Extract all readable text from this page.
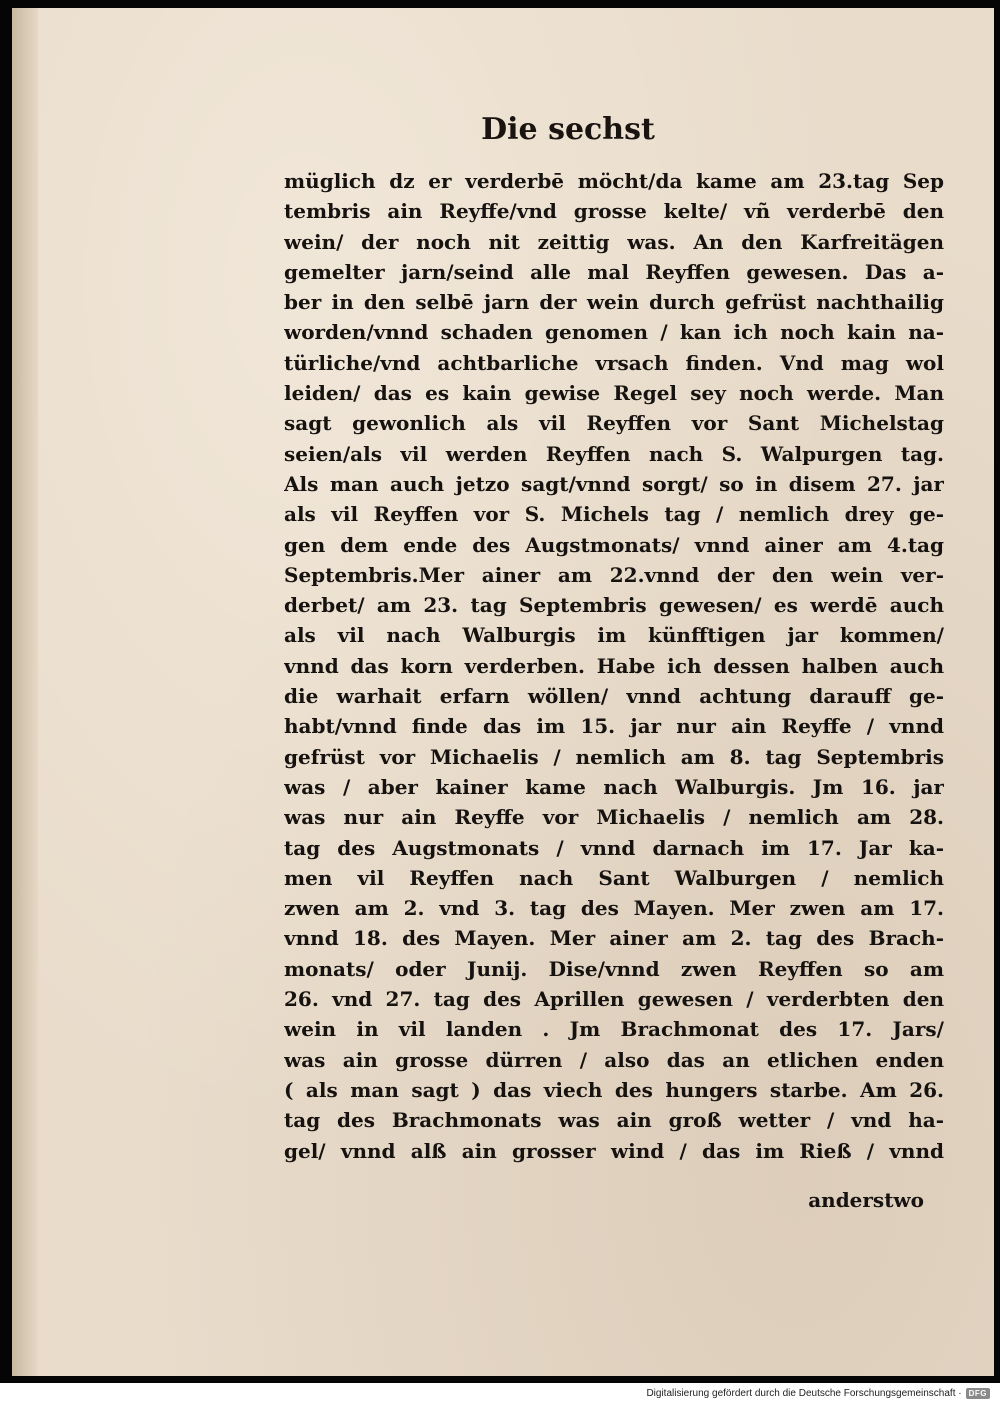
Die sechst
müglich dz er verderbē möcht/da kame am 23.tag Sep
tembris ain Reyffe/vnd grosse kelte/ vñ verderbē den
wein/ der noch nit zeittig was. An den Karfreitägen
gemelter jarn/seind alle mal Reyffen gewesen. Das a-
ber in den selbē jarn der wein durch gefrüst nachthailig
worden/vnnd schaden genomen / kan ich noch kain na-
türliche/vnd achtbarliche vrsach finden. Vnd mag wol
leiden/ das es kain gewise Regel sey noch werde. Man
sagt gewonlich als vil Reyffen vor Sant Michelstag
seien/als vil werden Reyffen nach S. Walpurgen tag.
Als man auch jetzo sagt/vnnd sorgt/ so in disem 27. jar
als vil Reyffen vor S. Michels tag / nemlich drey ge-
gen dem ende des Augstmonats/ vnnd ainer am 4.tag
Septembris.Mer ainer am 22.vnnd der den wein ver-
derbet/ am 23. tag Septembris gewesen/ es werdē auch
als vil nach Walburgis im künfftigen jar kommen/
vnnd das korn verderben. Habe ich dessen halben auch
die warhait erfarn wöllen/ vnnd achtung darauff ge-
habt/vnnd finde das im 15. jar nur ain Reyffe / vnnd
gefrüst vor Michaelis / nemlich am 8. tag Septembris
was / aber kainer kame nach Walburgis. Jm 16. jar
was nur ain Reyffe vor Michaelis / nemlich am 28.
tag des Augstmonats / vnnd darnach im 17. Jar ka-
men vil Reyffen nach Sant Walburgen / nemlich
zwen am 2. vnd 3. tag des Mayen. Mer zwen am 17.
vnnd 18. des Mayen. Mer ainer am 2. tag des Brach-
monats/ oder Junij. Dise/vnnd zwen Reyffen so am
26. vnd 27. tag des Aprillen gewesen / verderbten den
wein in vil landen . Jm Brachmonat des 17. Jars/
was ain grosse dürren / also das an etlichen enden
( als man sagt ) das viech des hungers starbe. Am 26.
tag des Brachmonats was ain groß wetter / vnd ha-
gel/ vnnd alß ain grosser wind / das im Rieß / vnnd
anderstwo
Digitalisierung gefördert durch die Deutsche Forschungsgemeinschaft · DFG
